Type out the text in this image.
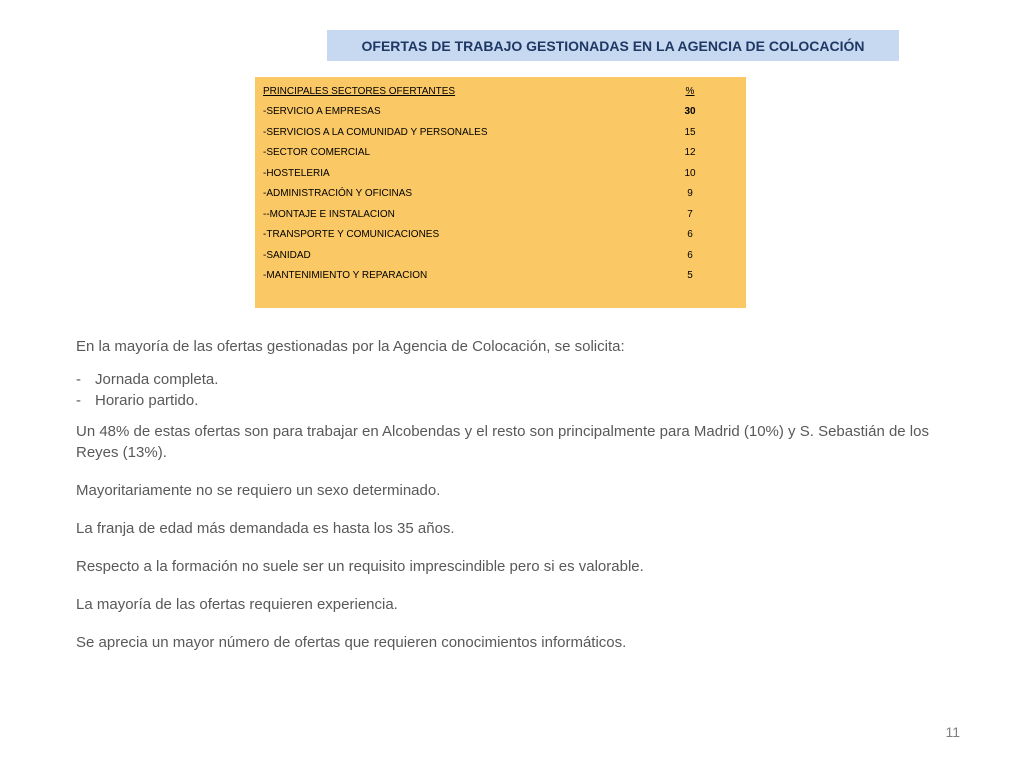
OFERTAS DE TRABAJO GESTIONADAS EN LA AGENCIA DE COLOCACIÓN
PRINCIPALES SECTORES OFERTANTES	%
-SERVICIO A EMPRESAS	30
-SERVICIOS A LA COMUNIDAD Y PERSONALES	15
-SECTOR COMERCIAL	12
-HOSTELERIA	10
-ADMINISTRACIÓN Y OFICINAS	9
--MONTAJE E INSTALACION	7
-TRANSPORTE Y COMUNICACIONES	6
-SANIDAD	6
-MANTENIMIENTO Y REPARACION	5

En la mayoría de las ofertas gestionadas por la Agencia de Colocación, se solicita:

- Jornada completa.
- Horario partido.

Un 48% de estas ofertas son para trabajar en Alcobendas y el resto son principalmente para Madrid (10%) y S. Sebastián de los Reyes (13%).

Mayoritariamente no se requiero un sexo determinado.

La franja de edad más demandada es hasta los 35 años.

Respecto a la formación no suele ser un requisito imprescindible pero si es valorable.

La mayoría de las ofertas requieren experiencia.

Se aprecia un mayor número de ofertas que requieren conocimientos informáticos.

11
